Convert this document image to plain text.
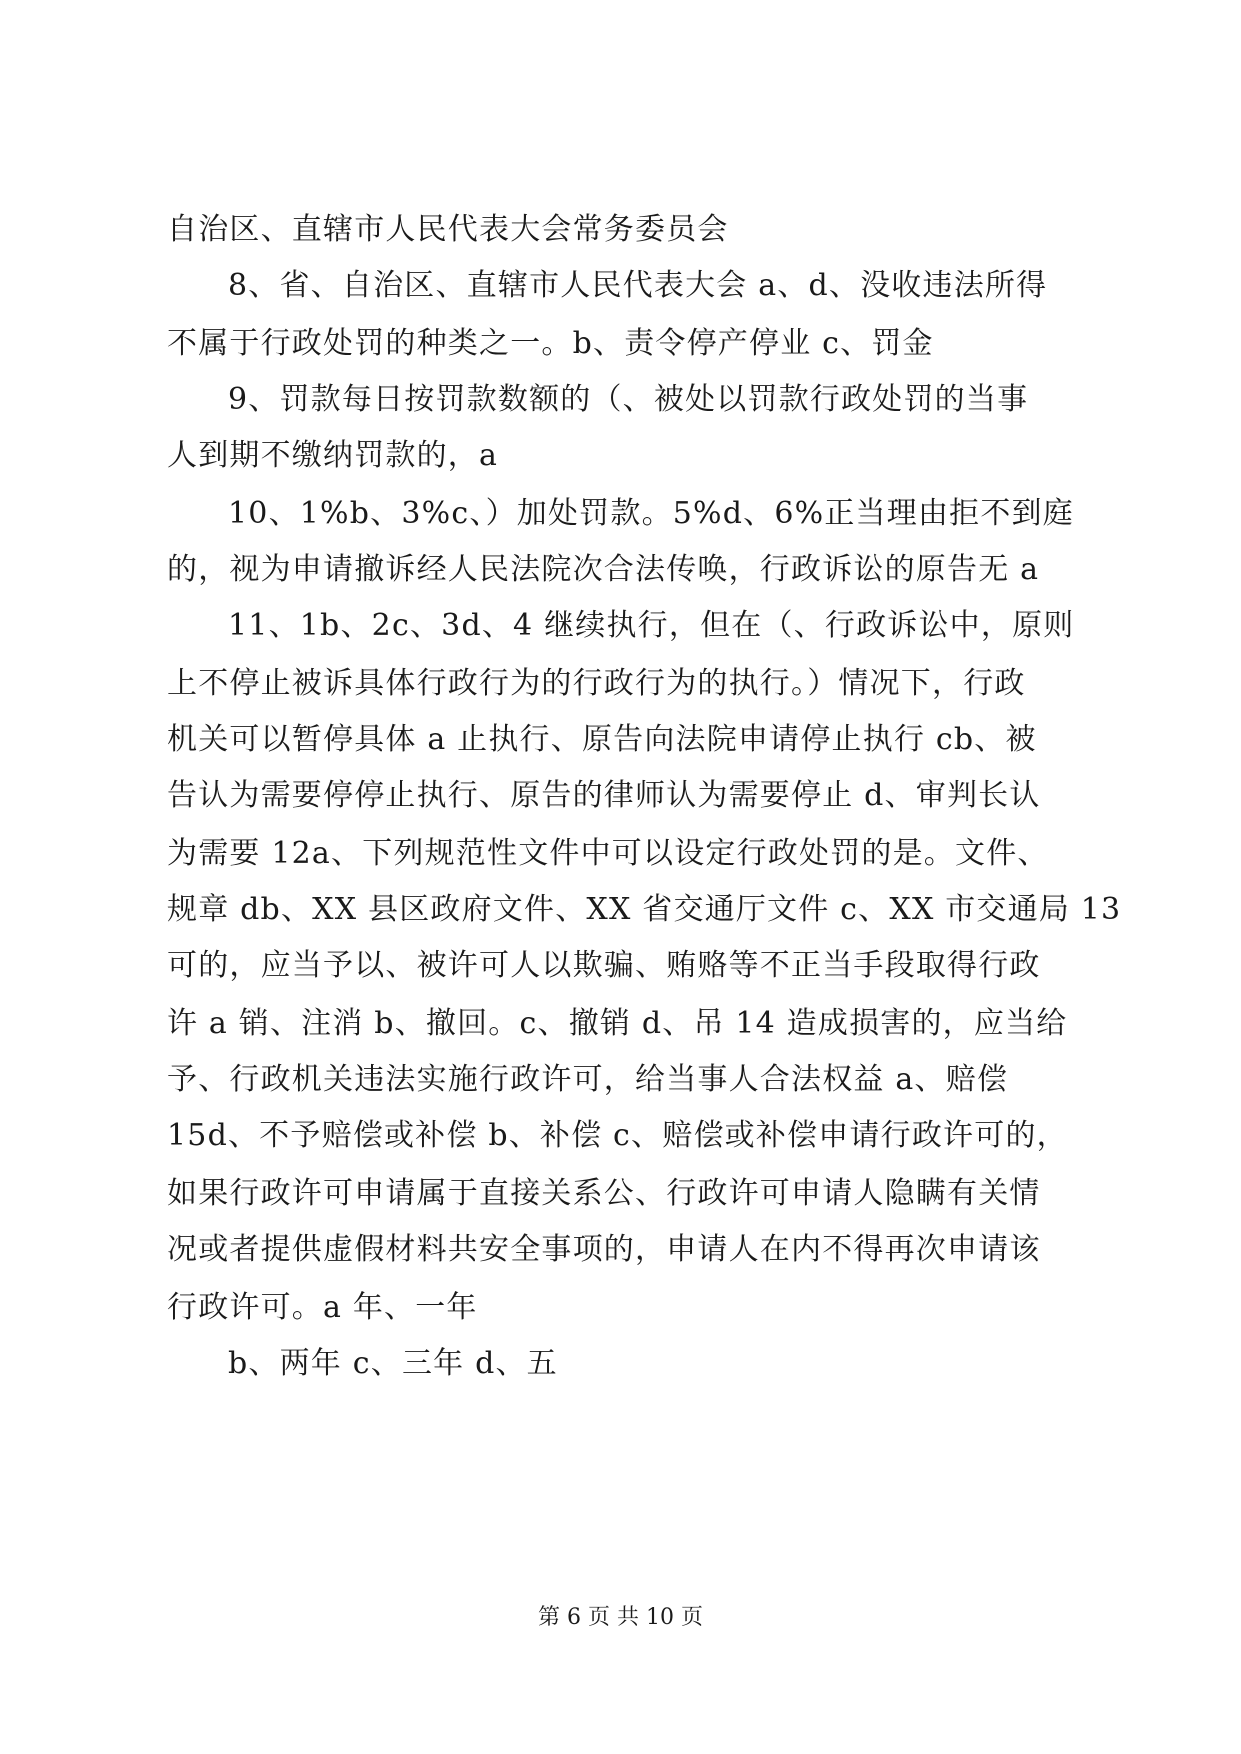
自治区、直辖市人民代表大会常务委员会
8、省、自治区、直辖市人民代表大会 a、d、没收违法所得
不属于行政处罚的种类之一。b、责令停产停业 c、罚金
9、罚款每日按罚款数额的（、被处以罚款行政处罚的当事
人到期不缴纳罚款的，a
10、1%b、3%c、）加处罚款。5%d、6%正当理由拒不到庭
的，视为申请撤诉经人民法院次合法传唤，行政诉讼的原告无 a
11、1b、2c、3d、4 继续执行，但在（、行政诉讼中，原则
上不停止被诉具体行政行为的行政行为的执行。）情况下，行政
机关可以暂停具体 a 止执行、原告向法院申请停止执行 cb、被
告认为需要停停止执行、原告的律师认为需要停止 d、审判长认
为需要 12a、下列规范性文件中可以设定行政处罚的是。文件、
规章 db、XX 县区政府文件、XX 省交通厅文件 c、XX 市交通局 13
可的，应当予以、被许可人以欺骗、贿赂等不正当手段取得行政
许 a 销、注消 b、撤回。c、撤销 d、吊 14 造成损害的，应当给
予、行政机关违法实施行政许可，给当事人合法权益 a、赔偿
15d、不予赔偿或补偿 b、补偿 c、赔偿或补偿申请行政许可的，
如果行政许可申请属于直接关系公、行政许可申请人隐瞒有关情
况或者提供虚假材料共安全事项的，申请人在内不得再次申请该
行政许可。a 年、一年
b、两年 c、三年 d、五
第 6 页 共 10 页
